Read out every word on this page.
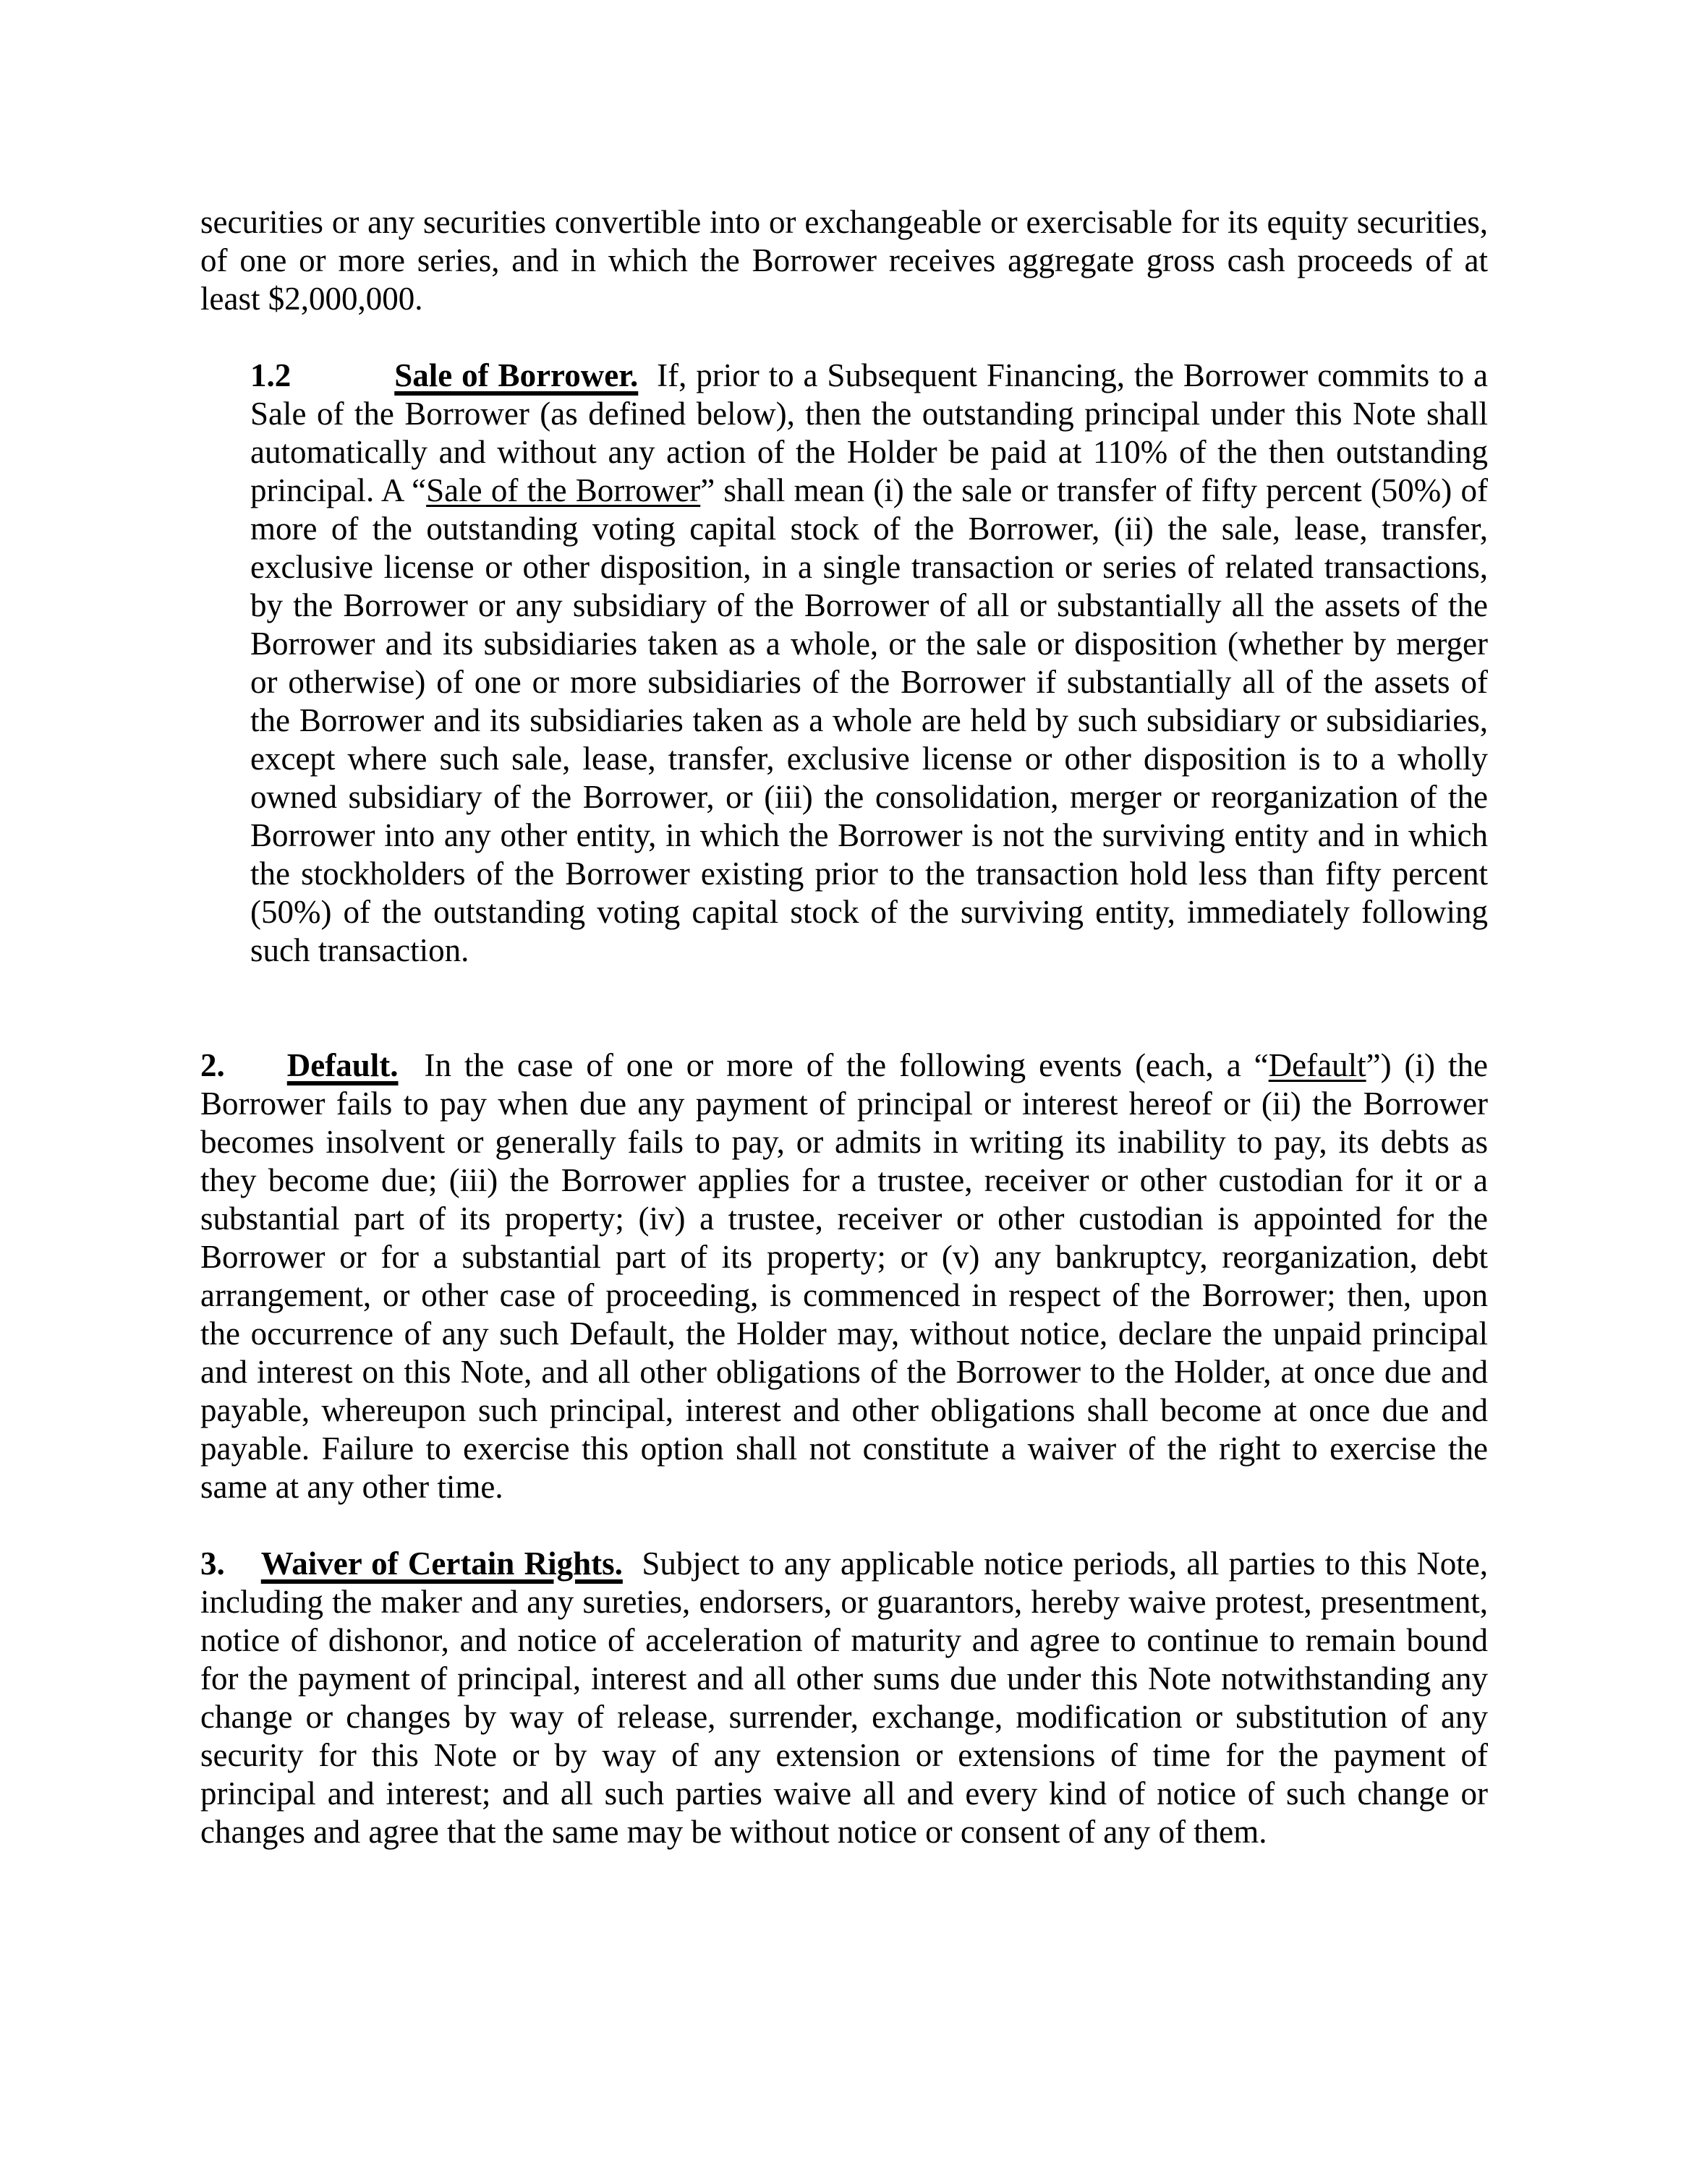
securities or any securities convertible into or exchangeable or exercisable for its equity securities, of one or more series, and in which the Borrower receives aggregate gross cash proceeds of at least $2,000,000.

1.2	Sale of Borrower.  If, prior to a Subsequent Financing, the Borrower commits to a Sale of the Borrower (as defined below), then the outstanding principal under this Note shall automatically and without any action of the Holder be paid at 110% of the then outstanding principal. A “Sale of the Borrower” shall mean (i) the sale or transfer of fifty percent (50%) of more of the outstanding voting capital stock of the Borrower, (ii) the sale, lease, transfer, exclusive license or other disposition, in a single transaction or series of related transactions, by the Borrower or any subsidiary of the Borrower of all or substantially all the assets of the Borrower and its subsidiaries taken as a whole, or the sale or disposition (whether by merger or otherwise) of one or more subsidiaries of the Borrower if substantially all of the assets of the Borrower and its subsidiaries taken as a whole are held by such subsidiary or subsidiaries, except where such sale, lease, transfer, exclusive license or other disposition is to a wholly owned subsidiary of the Borrower, or (iii) the consolidation, merger or reorganization of the Borrower into any other entity, in which the Borrower is not the surviving entity and in which the stockholders of the Borrower existing prior to the transaction hold less than fifty percent (50%) of the outstanding voting capital stock of the surviving entity, immediately following such transaction.

2. Default.  In the case of one or more of the following events (each, a “Default”) (i) the Borrower fails to pay when due any payment of principal or interest hereof or (ii) the Borrower becomes insolvent or generally fails to pay, or admits in writing its inability to pay, its debts as they become due; (iii) the Borrower applies for a trustee, receiver or other custodian for it or a substantial part of its property; (iv) a trustee, receiver or other custodian is appointed for the Borrower or for a substantial part of its property; or (v) any bankruptcy, reorganization, debt arrangement, or other case of proceeding, is commenced in respect of the Borrower; then, upon the occurrence of any such Default, the Holder may, without notice, declare the unpaid principal and interest on this Note, and all other obligations of the Borrower to the Holder, at once due and payable, whereupon such principal, interest and other obligations shall become at once due and payable. Failure to exercise this option shall not constitute a waiver of the right to exercise the same at any other time.

3. Waiver of Certain Rights.  Subject to any applicable notice periods, all parties to this Note, including the maker and any sureties, endorsers, or guarantors, hereby waive protest, presentment, notice of dishonor, and notice of acceleration of maturity and agree to continue to remain bound for the payment of principal, interest and all other sums due under this Note notwithstanding any change or changes by way of release, surrender, exchange, modification or substitution of any security for this Note or by way of any extension or extensions of time for the payment of principal and interest; and all such parties waive all and every kind of notice of such change or changes and agree that the same may be without notice or consent of any of them.
